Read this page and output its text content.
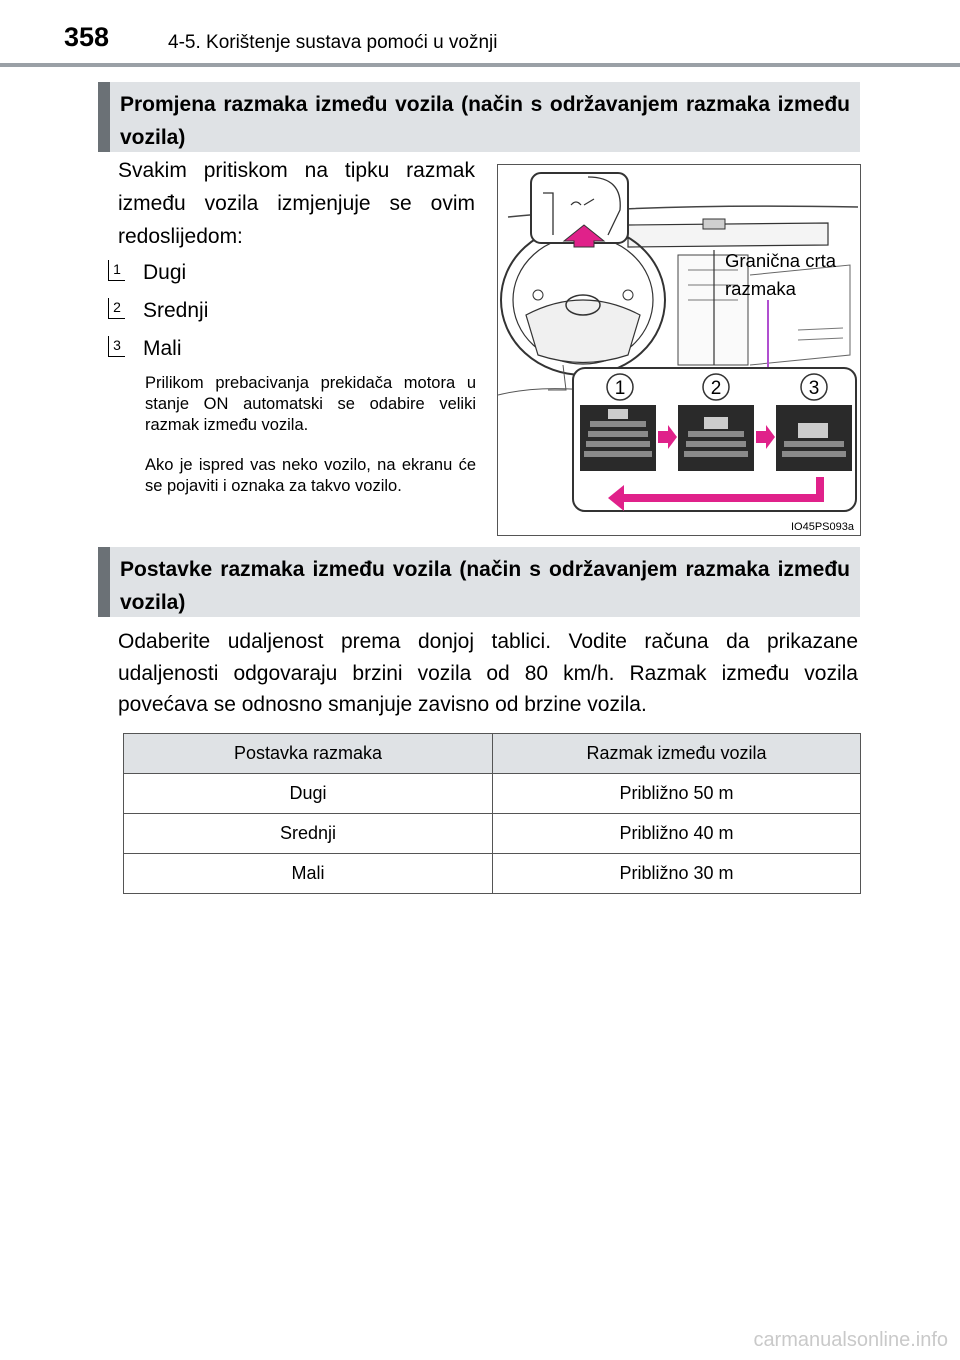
358	4-5. Korištenje sustava pomoći u vožnji
Promjena razmaka između vozila (način s održavanjem razmaka između vozila)
Svakim pritiskom na tipku razmak između vozila izmjenjuje se ovim redoslijedom:
1 Dugi
2 Srednji
3 Mali
Prilikom prebacivanja prekidača motora u stanje ON automatski se odabire veliki razmak između vozila.
Ako je ispred vas neko vozilo, na ekranu će se pojaviti i oznaka za takvo vozilo.
1	2	3
Granična crta razmaka
IO45PS093a
Postavke razmaka između vozila (način s održavanjem razmaka između vozila)
Odaberite udaljenost prema donjoj tablici. Vodite računa da prikazane udaljenosti odgovaraju brzini vozila od 80 km/h. Razmak između vozila povećava se odnosno smanjuje zavisno od brzine vozila.
Postavka razmaka	Razmak između vozila
Dugi	Približno 50 m
Srednji	Približno 40 m
Mali	Približno 30 m
carmanualsonline.info
